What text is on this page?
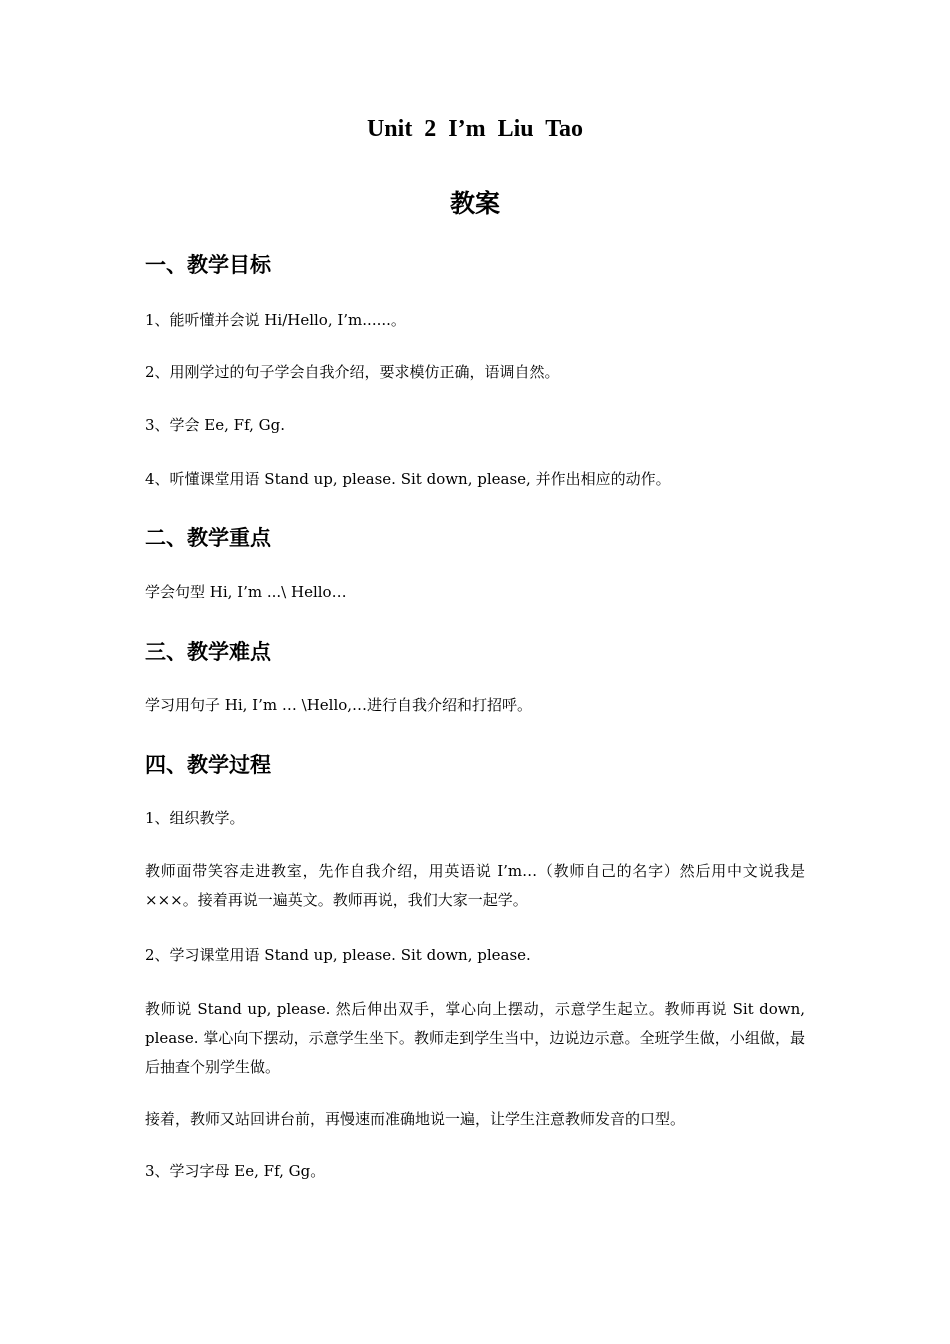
Unit 2 I’m Liu Tao
教案
一、教学目标
1、能听懂并会说 Hi/Hello, I’m......。
2、用刚学过的句子学会自我介绍，要求模仿正确，语调自然。
3、学会 Ee, Ff, Gg.
4、听懂课堂用语 Stand up, please. Sit down, please, 并作出相应的动作。
二、教学重点
学会句型 Hi, I’m ...\ Hello…
三、教学难点
学习用句子 Hi, I’m … \Hello,…进行自我介绍和打招呼。
四、教学过程
1、组织教学。
教师面带笑容走进教室，先作自我介绍，用英语说 I’m…（教师自己的名字）然后用中文说我是×××。接着再说一遍英文。教师再说，我们大家一起学。
2、学习课堂用语 Stand up, please. Sit down, please.
教师说 Stand up, please. 然后伸出双手，掌心向上摆动，示意学生起立。教师再说 Sit down, please. 掌心向下摆动，示意学生坐下。教师走到学生当中，边说边示意。全班学生做，小组做，最后抽查个别学生做。
接着，教师又站回讲台前，再慢速而准确地说一遍，让学生注意教师发音的口型。
3、学习字母 Ee, Ff, Gg。
